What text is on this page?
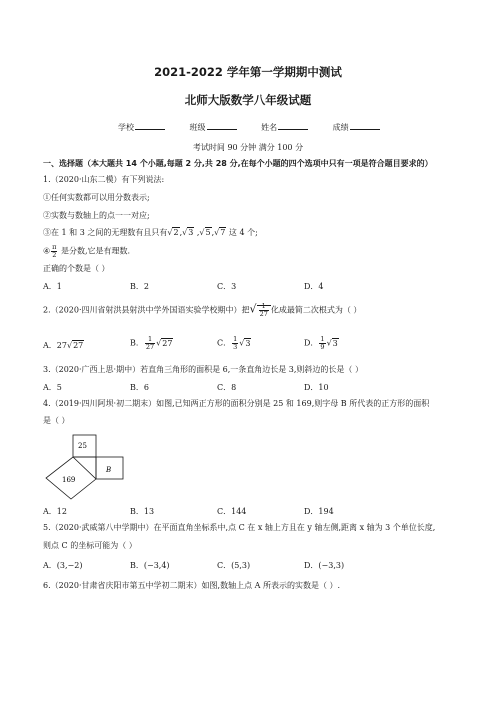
2021-2022 学年第一学期期中测试
北师大版数学八年级试题
学校	班级	姓名	成绩
考试时间 90 分钟 满分 100 分
一、选择题（本大题共 14 个小题,每题 2 分,共 28 分,在每个小题的四个选项中只有一项是符合题目要求的）
1.（2020·山东二模）有下列说法:
①任何实数都可以用分数表示;
②实数与数轴上的点一一对应;
③在 1 和 3 之间的无理数有且只有√2,√3 ,√5,√7 这 4 个;
④ $\frac{\pi}{2}$ 是分数,它是有理数.
正确的个数是（ ）
A．1	B．2	C．3	D．4
2.（2020·四川省射洪县射洪中学外国语实验学校期中）把√ $\frac{1}{27}$ 化成最简二次根式为（ ）
A．27√27	B． $\frac{1}{27} √27$	C． $\frac{1}{3} √3$	D． $\frac{1}{9} √3$
3.（2020·广西上思·期中）若直角三角形的面积是 6,一条直角边长是 3,则斜边的长是（ ）
A．5	B．6	C．8	D．10
4.（2019·四川阿坝·初二期末）如图,已知两正方形的面积分别是 25 和 169,则字母 B 所代表的正方形的面积
是（ ）
25
B
169
A．12	B．13	C．144	D．194
5.（2020·武威第八中学期中）在平面直角坐标系中,点 C 在 x 轴上方且在 y 轴左侧,距离 x 轴为 3 个单位长度,
则点 C 的坐标可能为（ ）
A．(3,−2)	B．(−3,4)	C．(5,3)	D．(−3,3)
6.（2020·甘肃省庆阳市第五中学初二期末）如图,数轴上点 A 所表示的实数是（ ）.
